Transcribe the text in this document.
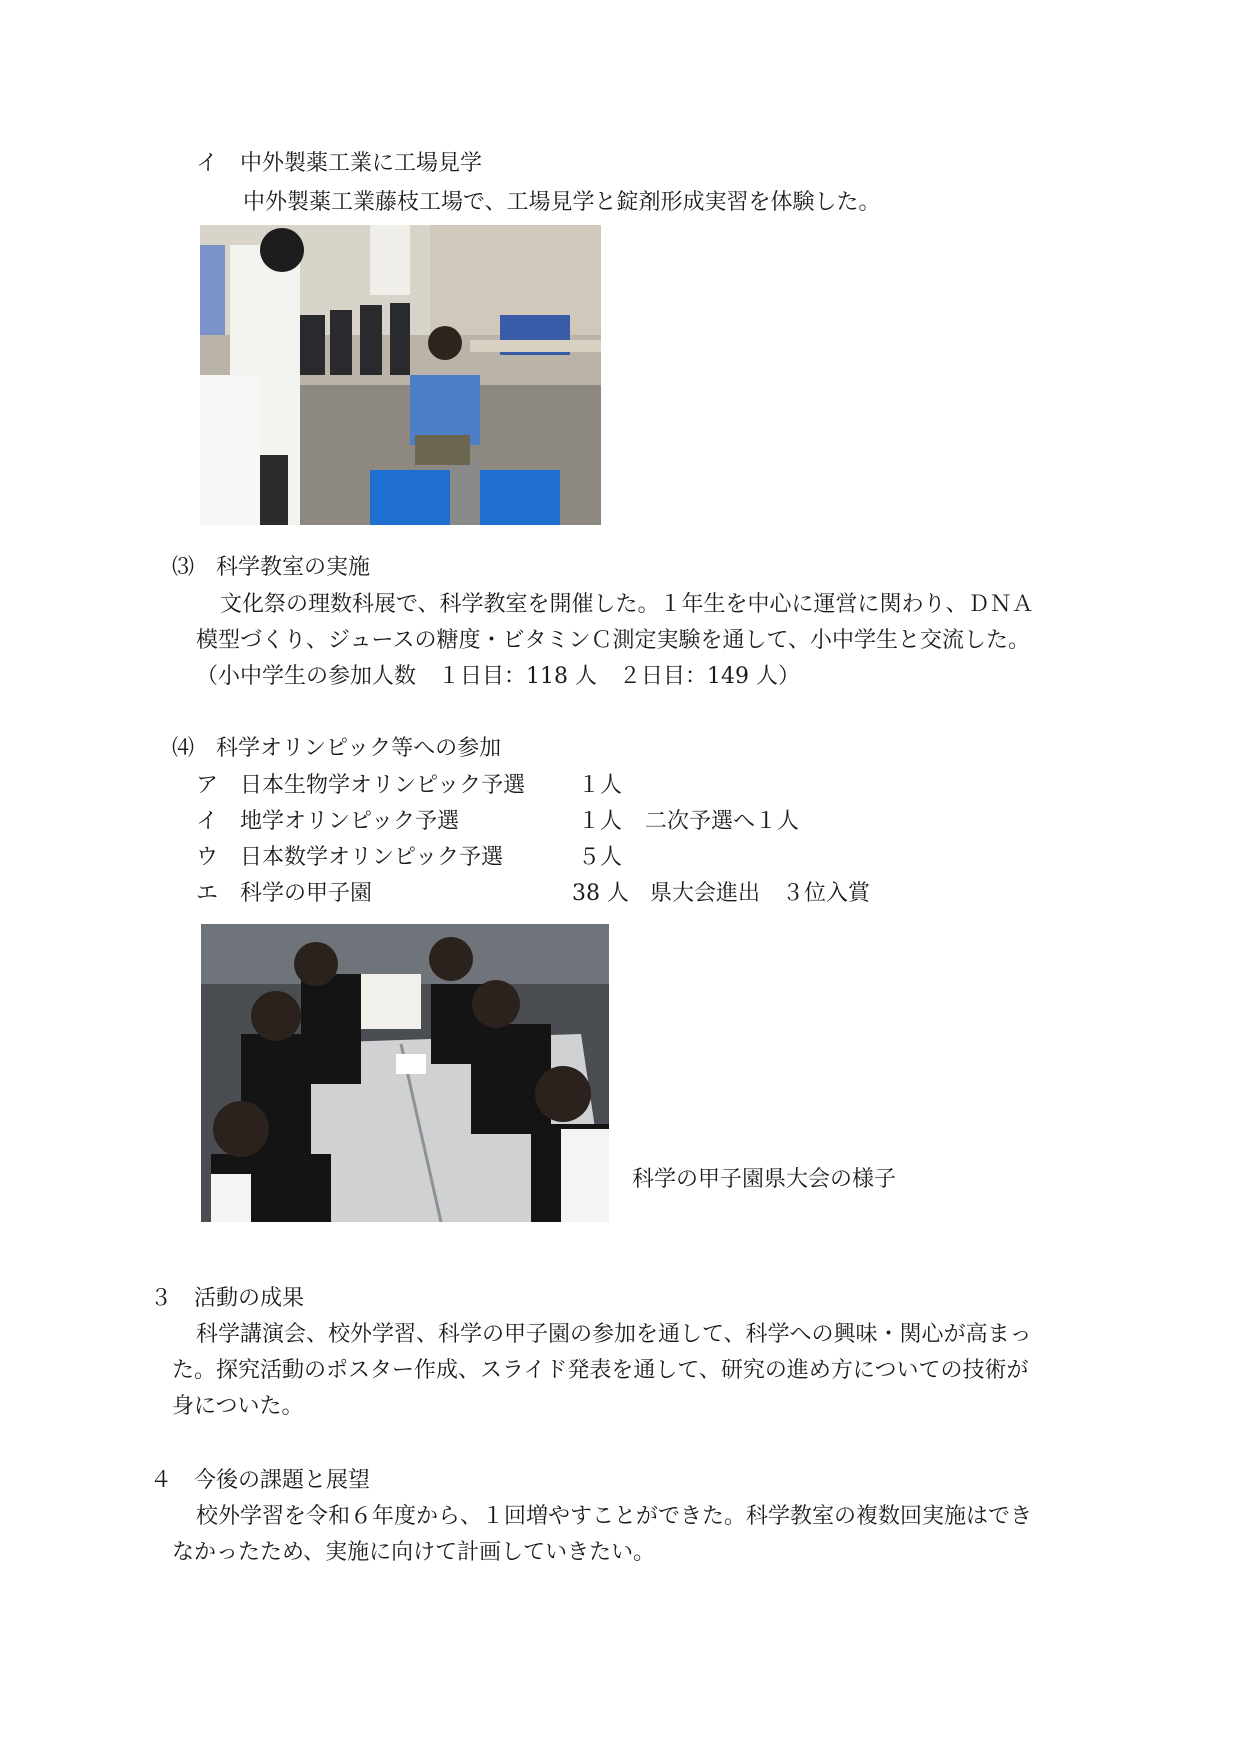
イ　中外製薬工業に工場見学
中外製薬工業藤枝工場で、工場見学と錠剤形成実習を体験した。
⑶　科学教室の実施
文化祭の理数科展で、科学教室を開催した。１年生を中心に運営に関わり、ＤＮＡ
模型づくり、ジュースの糖度・ビタミンＣ測定実験を通して、小中学生と交流した。
（小中学生の参加人数　１日目：118 人　２日目：149 人）
⑷　科学オリンピック等への参加
ア　日本生物学オリンピック予選 １人
イ　地学オリンピック予選	１人 二次予選へ１人
ウ　日本数学オリンピック予選	５人
エ　科学の甲子園	38 人 県大会進出　３位入賞
科学の甲子園県大会の様子
３　活動の成果
科学講演会、校外学習、科学の甲子園の参加を通して、科学への興味・関心が高まっ
た。探究活動のポスター作成、スライド発表を通して、研究の進め方についての技術が
身についた。
４　今後の課題と展望
校外学習を令和６年度から、１回増やすことができた。科学教室の複数回実施はでき
なかったため、実施に向けて計画していきたい。
